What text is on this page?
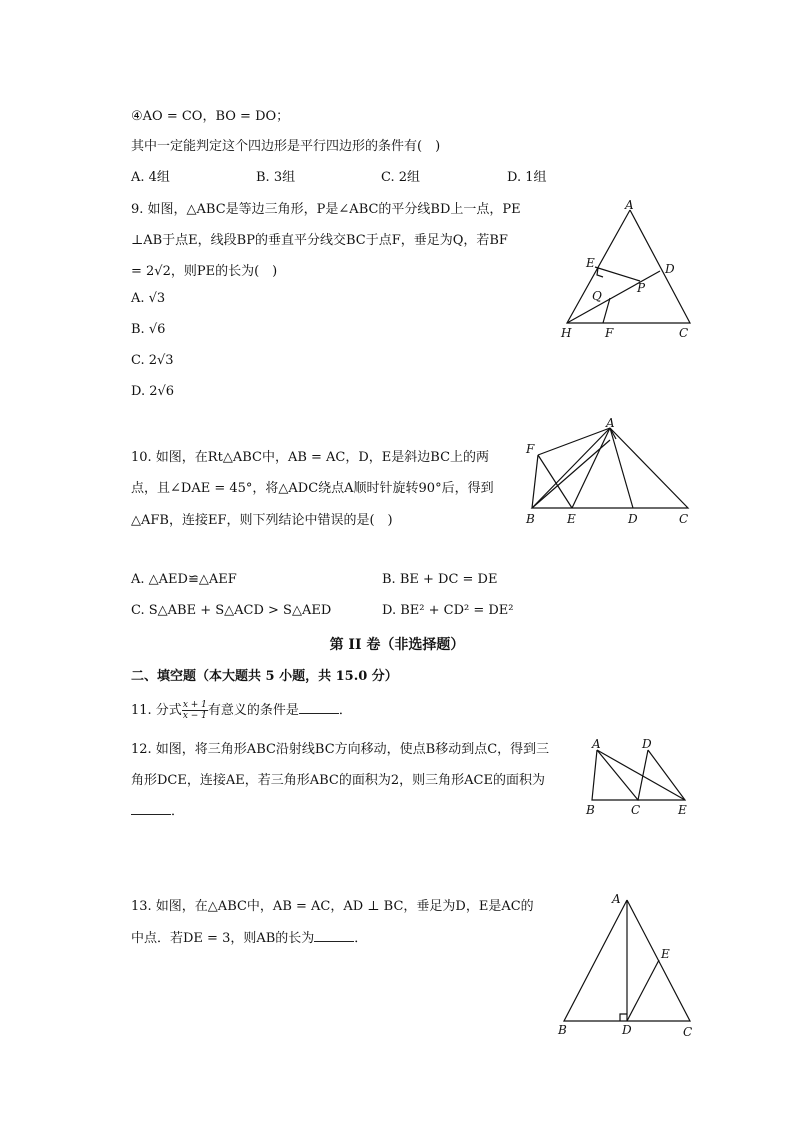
④AO = CO，BO = DO；
其中一定能判定这个四边形是平行四边形的条件有(　)
A. 4组	B. 3组	C. 2组	D. 1组
9. 如图，△ABC是等边三角形，P是∠ABC的平分线BD上一点，PE
⊥AB于点E，线段BP的垂直平分线交BC于点F，垂足为Q，若BF
= 2√2，则PE的长为(　)
A. √3
B. √6
C. 2√3
D. 2√6
A
E	D
P
Q
H	F	C
10. 如图，在Rt△ABC中，AB = AC，D，E是斜边BC上的两
点，且∠DAE = 45°，将△ADC绕点A顺时针旋转90°后，得到
△AFB，连接EF，则下列结论中错误的是(　)
A
F
B	E	D	C
A. △AED≌△AEF	B. BE + DC = DE
C. S△ABE + S△ACD > S△AED	D. BE² + CD² = DE²
第 II 卷（非选择题）
二、填空题（本大题共 5 小题，共 15.0 分）
11. 分式 $\frac{x + 1}{x - 1}$ 有意义的条件是	．
12. 如图，将三角形ABC沿射线BC方向移动，使点B移动到点C，得到三
角形DCE，连接AE，若三角形ABC的面积为2，则三角形ACE的面积为
．
A	D
B	C	E
13. 如图，在△ABC中，AB = AC，AD ⊥ BC，垂足为D，E是AC的
中点．若DE = 3，则AB的长为	．
A
E
B	D	C
